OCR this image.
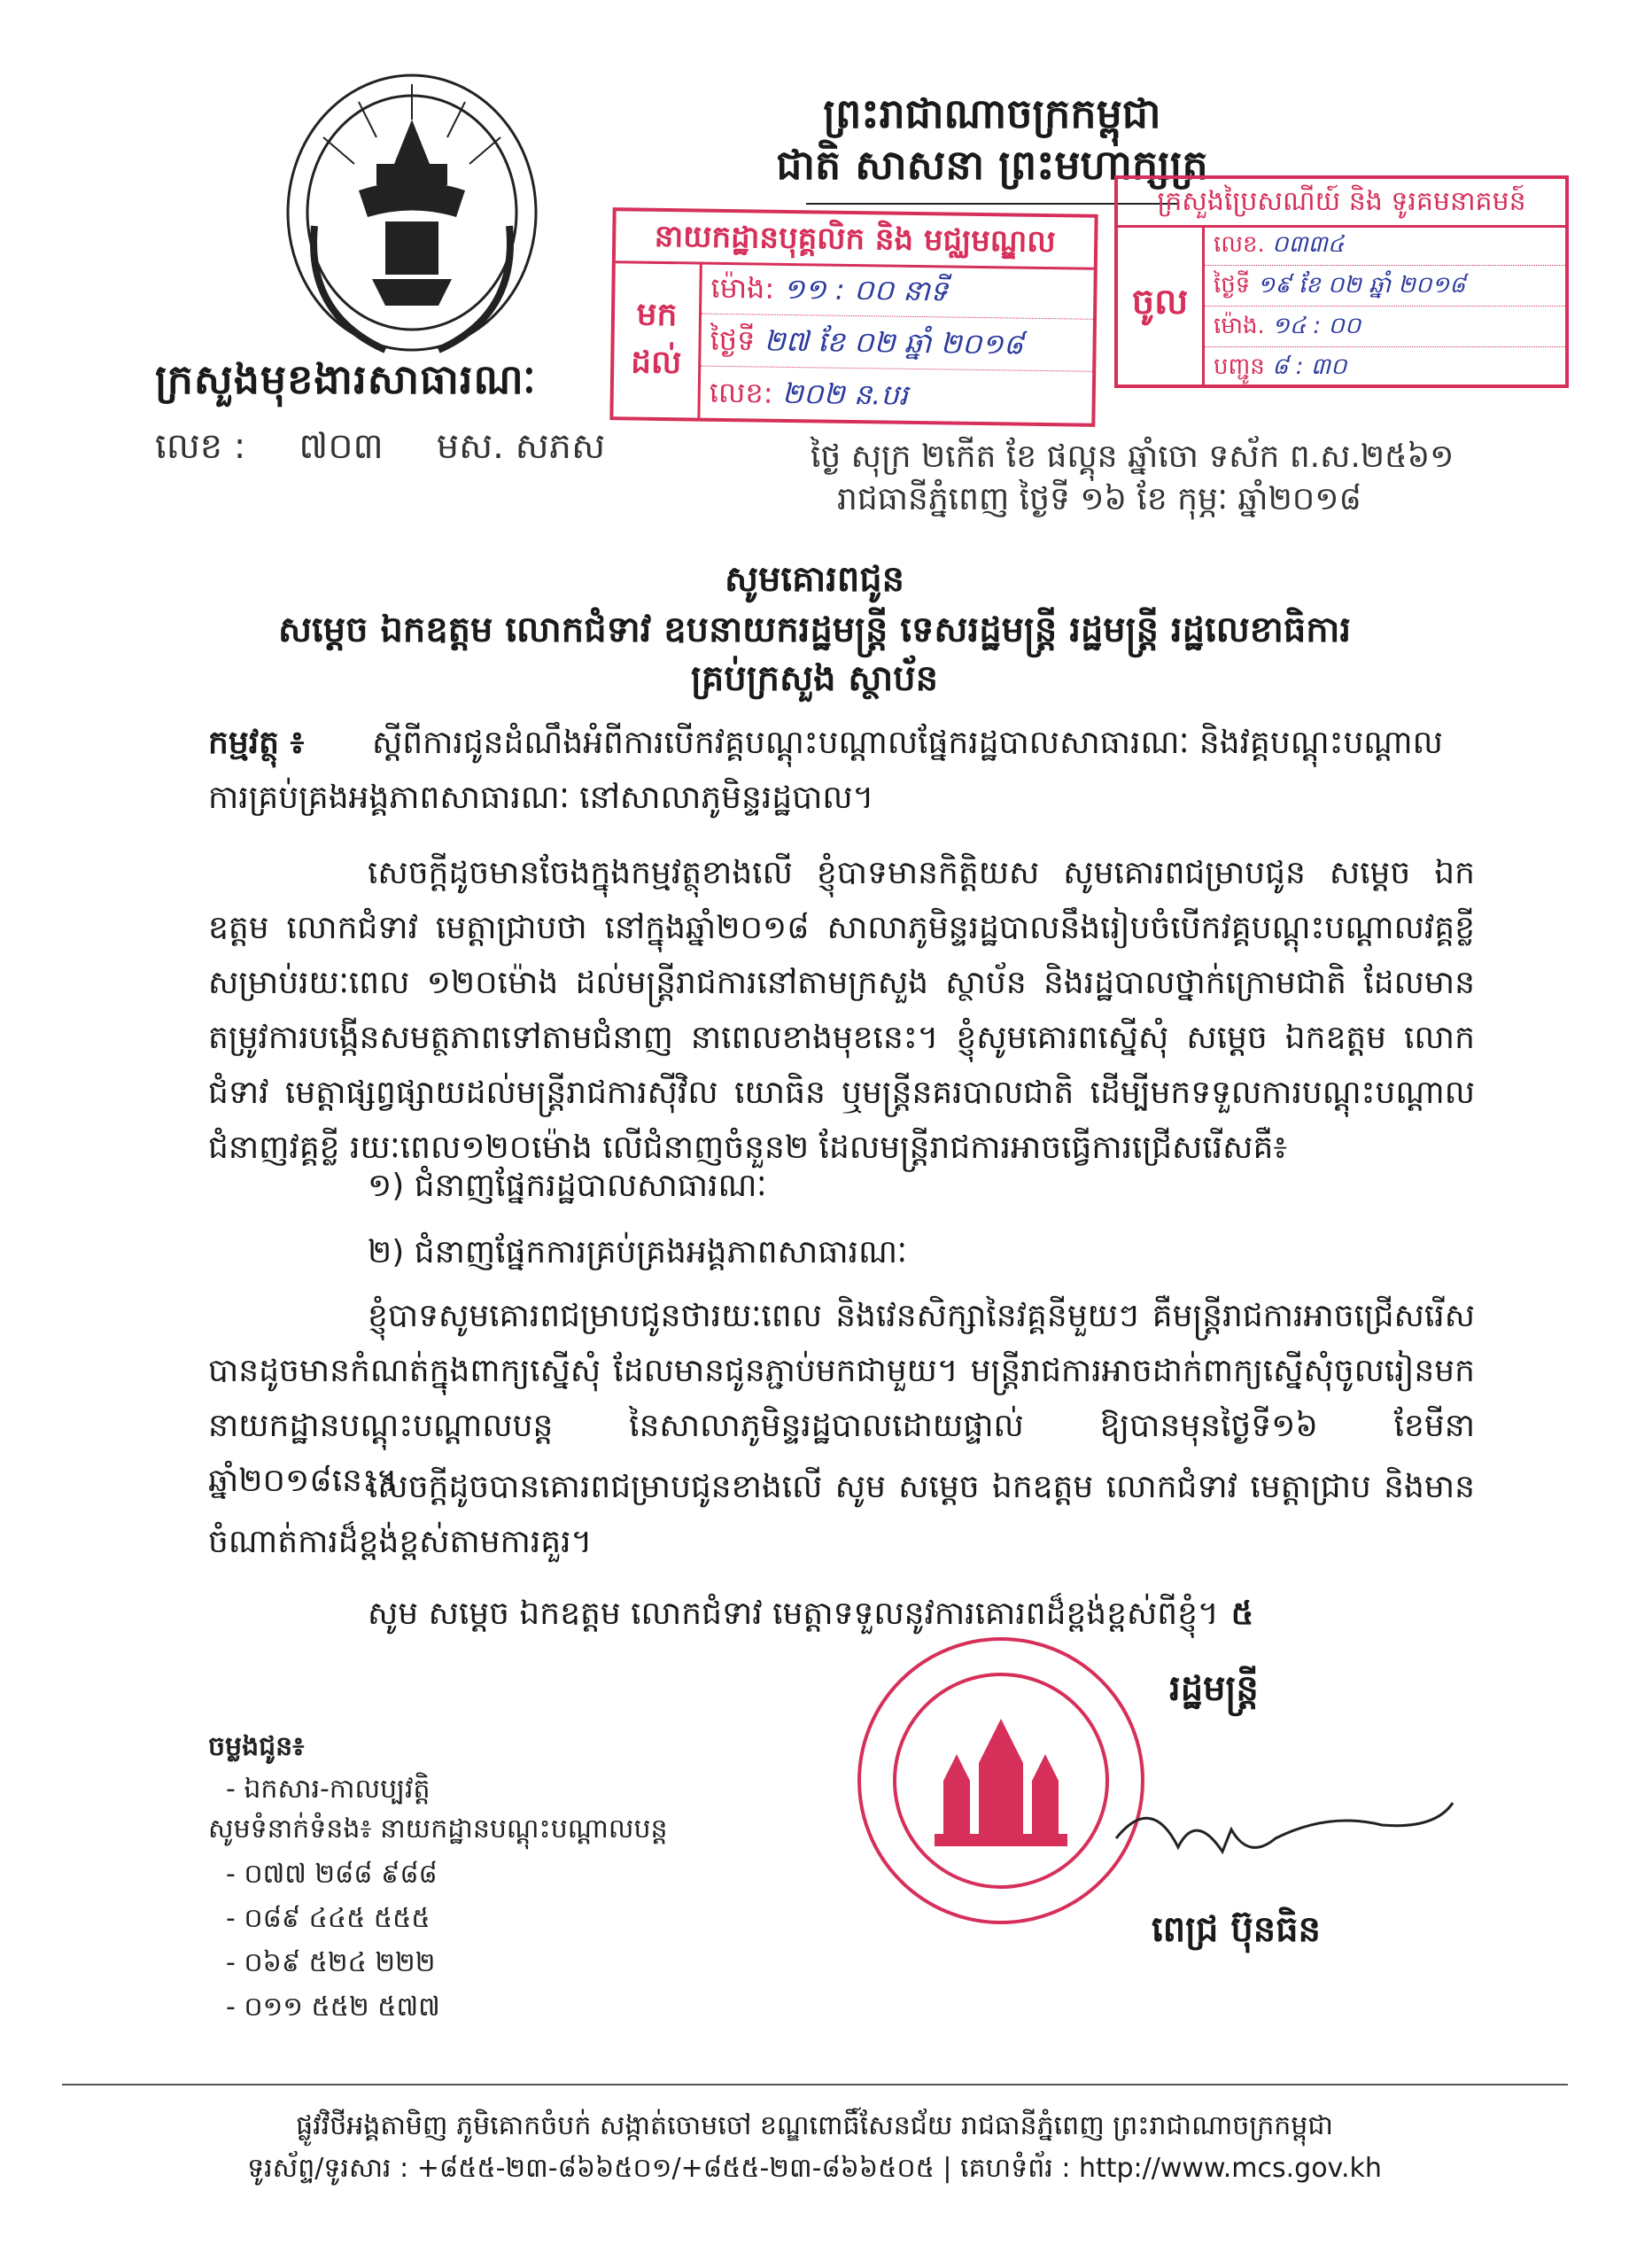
ក្រសួងមុខងារសាធារណៈ
លេខ : ៧០៣ មស. សភស
ព្រះរាជាណាចក្រកម្ពុជា
ជាតិ សាសនា ព្រះមហាក្សត្រ
នាយកដ្ឋានបុគ្គលិក និង មជ្ឈមណ្ឌល
មក
ដល់
ម៉ោង: ១១ : ០០ នាទី
ថ្ងៃទី ២៧ ខែ ០២ ឆ្នាំ ២០១៨
លេខ: ២០២ ន.បរ
ក្រសួងប្រៃសណីយ៍ និង ទូរគមនាគមន៍
ចូល
លេខ. ០៣៣៤
ថ្ងៃទី ១៩ ខែ ០២ ឆ្នាំ ២០១៨
ម៉ោង. ១៤ : ០០
បញ្ជូន ៨ : ៣០
ថ្ងៃ សុក្រ ២កើត ខែ ផល្គុន ឆ្នាំចោ ទស័ក ព.ស.២៥៦១
រាជធានីភ្នំពេញ ថ្ងៃទី ១៦ ខែ កុម្ភៈ ឆ្នាំ២០១៨
សូមគោរពជូន
សម្តេច ឯកឧត្តម លោកជំទាវ ឧបនាយករដ្ឋមន្ត្រី ទេសរដ្ឋមន្ត្រី រដ្ឋមន្ត្រី រដ្ឋលេខាធិការ
គ្រប់ក្រសួង ស្ថាប័ន
កម្មវត្ថុ ៖ ស្តីពីការជូនដំណឹងអំពីការបើកវគ្គបណ្តុះបណ្តាលផ្នែករដ្ឋបាលសាធារណៈ និងវគ្គបណ្តុះបណ្តាលការគ្រប់គ្រងអង្គភាពសាធារណៈ នៅសាលាភូមិន្ទរដ្ឋបាល។
សេចក្តីដូចមានចែងក្នុងកម្មវត្ថុខាងលើ ខ្ញុំបាទមានកិត្តិយស សូមគោរពជម្រាបជូន សម្តេច ឯកឧត្តម លោកជំទាវ មេត្តាជ្រាបថា នៅក្នុងឆ្នាំ២០១៨ សាលាភូមិន្ទរដ្ឋបាលនឹងរៀបចំបើកវគ្គបណ្តុះបណ្តាលវគ្គខ្លីសម្រាប់រយៈពេល ១២០ម៉ោង ដល់មន្ត្រីរាជការនៅតាមក្រសួង ស្ថាប័ន និងរដ្ឋបាលថ្នាក់ក្រោមជាតិ ដែលមានតម្រូវការបង្កើនសមត្ថភាពទៅតាមជំនាញ នាពេលខាងមុខនេះ។ ខ្ញុំសូមគោរពស្នើសុំ សម្តេច ឯកឧត្តម លោកជំទាវ មេត្តាផ្សព្វផ្សាយដល់មន្ត្រីរាជការស៊ីវិល យោធិន ឬមន្ត្រីនគរបាលជាតិ ដើម្បីមកទទួលការបណ្តុះបណ្តាលជំនាញវគ្គខ្លី រយៈពេល១២០ម៉ោង លើជំនាញចំនួន២ ដែលមន្ត្រីរាជការអាចធ្វើការជ្រើសរើសគឺ៖
១) ជំនាញផ្នែករដ្ឋបាលសាធារណៈ
២) ជំនាញផ្នែកការគ្រប់គ្រងអង្គភាពសាធារណៈ
ខ្ញុំបាទសូមគោរពជម្រាបជូនថារយៈពេល និងវេនសិក្សានៃវគ្គនីមួយៗ គឺមន្ត្រីរាជការអាចជ្រើសរើសបានដូចមានកំណត់ក្នុងពាក្យស្នើសុំ ដែលមានជូនភ្ជាប់មកជាមួយ។ មន្ត្រីរាជការអាចដាក់ពាក្យស្នើសុំចូលរៀនមកនាយកដ្ឋានបណ្តុះបណ្តាលបន្ត នៃសាលាភូមិន្ទរដ្ឋបាលដោយផ្ទាល់ ឱ្យបានមុនថ្ងៃទី១៦ ខែមីនា ឆ្នាំ២០១៨នេះ។
សេចក្តីដូចបានគោរពជម្រាបជូនខាងលើ សូម សម្តេច ឯកឧត្តម លោកជំទាវ មេត្តាជ្រាប និងមានចំណាត់ការដ៏ខ្ពង់ខ្ពស់តាមការគួរ។
សូម សម្តេច ឯកឧត្តម លោកជំទាវ មេត្តាទទួលនូវការគោរពដ៏ខ្ពង់ខ្ពស់ពីខ្ញុំ។ ៥
រដ្ឋមន្ត្រី
ពេជ្រ ប៊ុនធិន
ចម្លងជូន៖
- ឯកសារ-កាលប្បវត្តិ
សូមទំនាក់ទំនង៖ នាយកដ្ឋានបណ្តុះបណ្តាលបន្ត
- ០៧៧ ២៨៨ ៩៨៨
- ០៨៩ ៤៤៥ ៥៥៥
- ០៦៩ ៥២៤ ២២២
- ០១១ ៥៥២ ៥៧៧
ផ្លូវវិថីអង្គតាមិញ ភូមិគោកចំបក់ សង្កាត់ចោមចៅ ខណ្ឌពោធិ៍សែនជ័យ រាជធានីភ្នំពេញ ព្រះរាជាណាចក្រកម្ពុជា
ទូរស័ព្ទ/ទូរសារ : +៨៥៥-២៣-៨៦៦៥០១/+៨៥៥-២៣-៨៦៦៥០៥ | គេហទំព័រ : http://www.mcs.gov.kh
